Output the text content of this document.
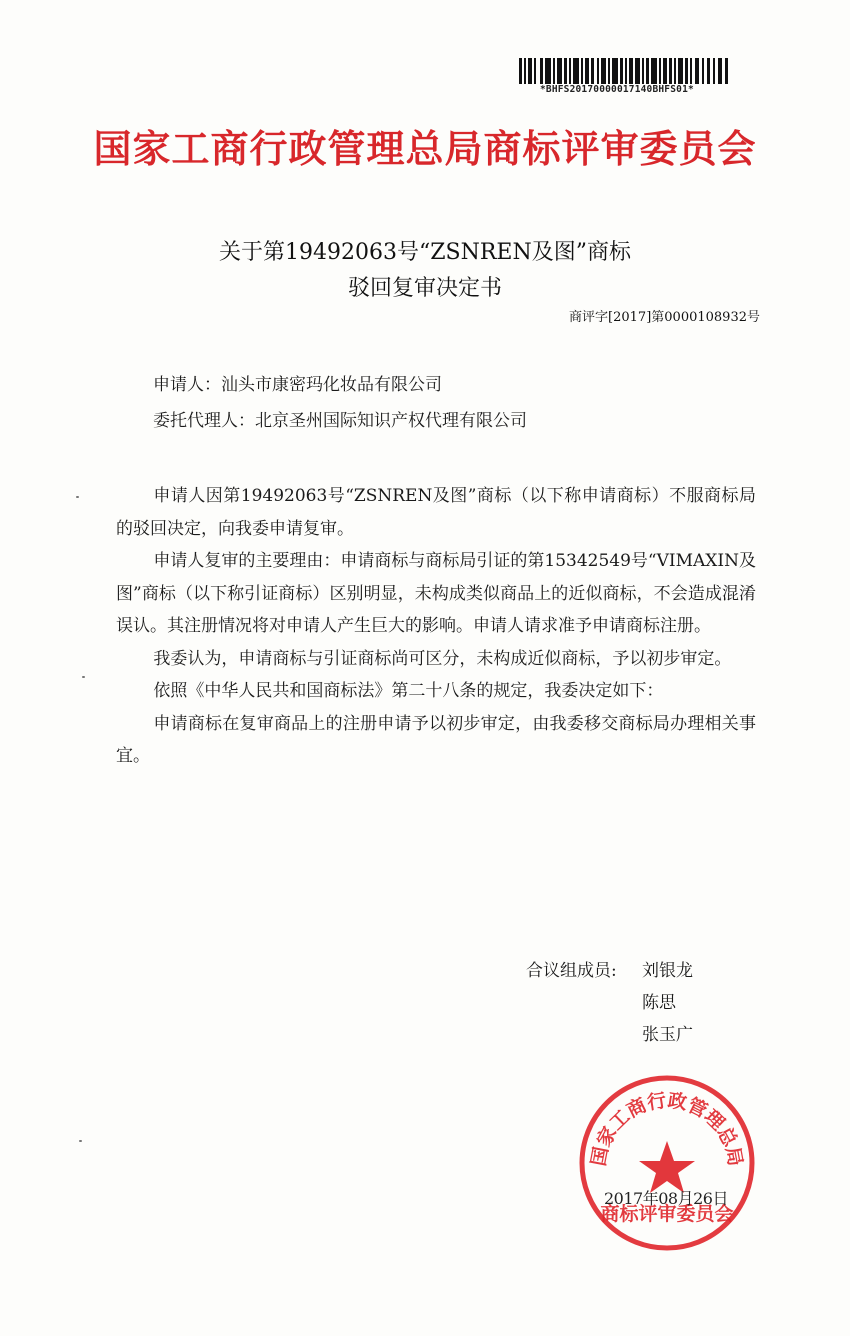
*BHFS20170000017140BHFS01*
国家工商行政管理总局商标评审委员会
关于第19492063号“ZSNREN及图”商标
驳回复审决定书
商评字[2017]第0000108932号
申请人：汕头市康密玛化妆品有限公司
委托代理人：北京圣州国际知识产权代理有限公司

申请人因第19492063号“ZSNREN及图”商标（以下称申请商标）不服商标局的驳回决定，向我委申请复审。

申请人复审的主要理由：申请商标与商标局引证的第15342549号“VIMAXIN及图”商标（以下称引证商标）区别明显，未构成类似商品上的近似商标，不会造成混淆误认。其注册情况将对申请人产生巨大的影响。申请人请求准予申请商标注册。

我委认为，申请商标与引证商标尚可区分，未构成近似商标，予以初步审定。

依照《中华人民共和国商标法》第二十八条的规定，我委决定如下：

申请商标在复审商品上的注册申请予以初步审定，由我委移交商标局办理相关事宜。

合议组成员: 刘银龙
陈思
张玉广
国家工商行政管理总局
商标评审委员会
2017年08月26日
